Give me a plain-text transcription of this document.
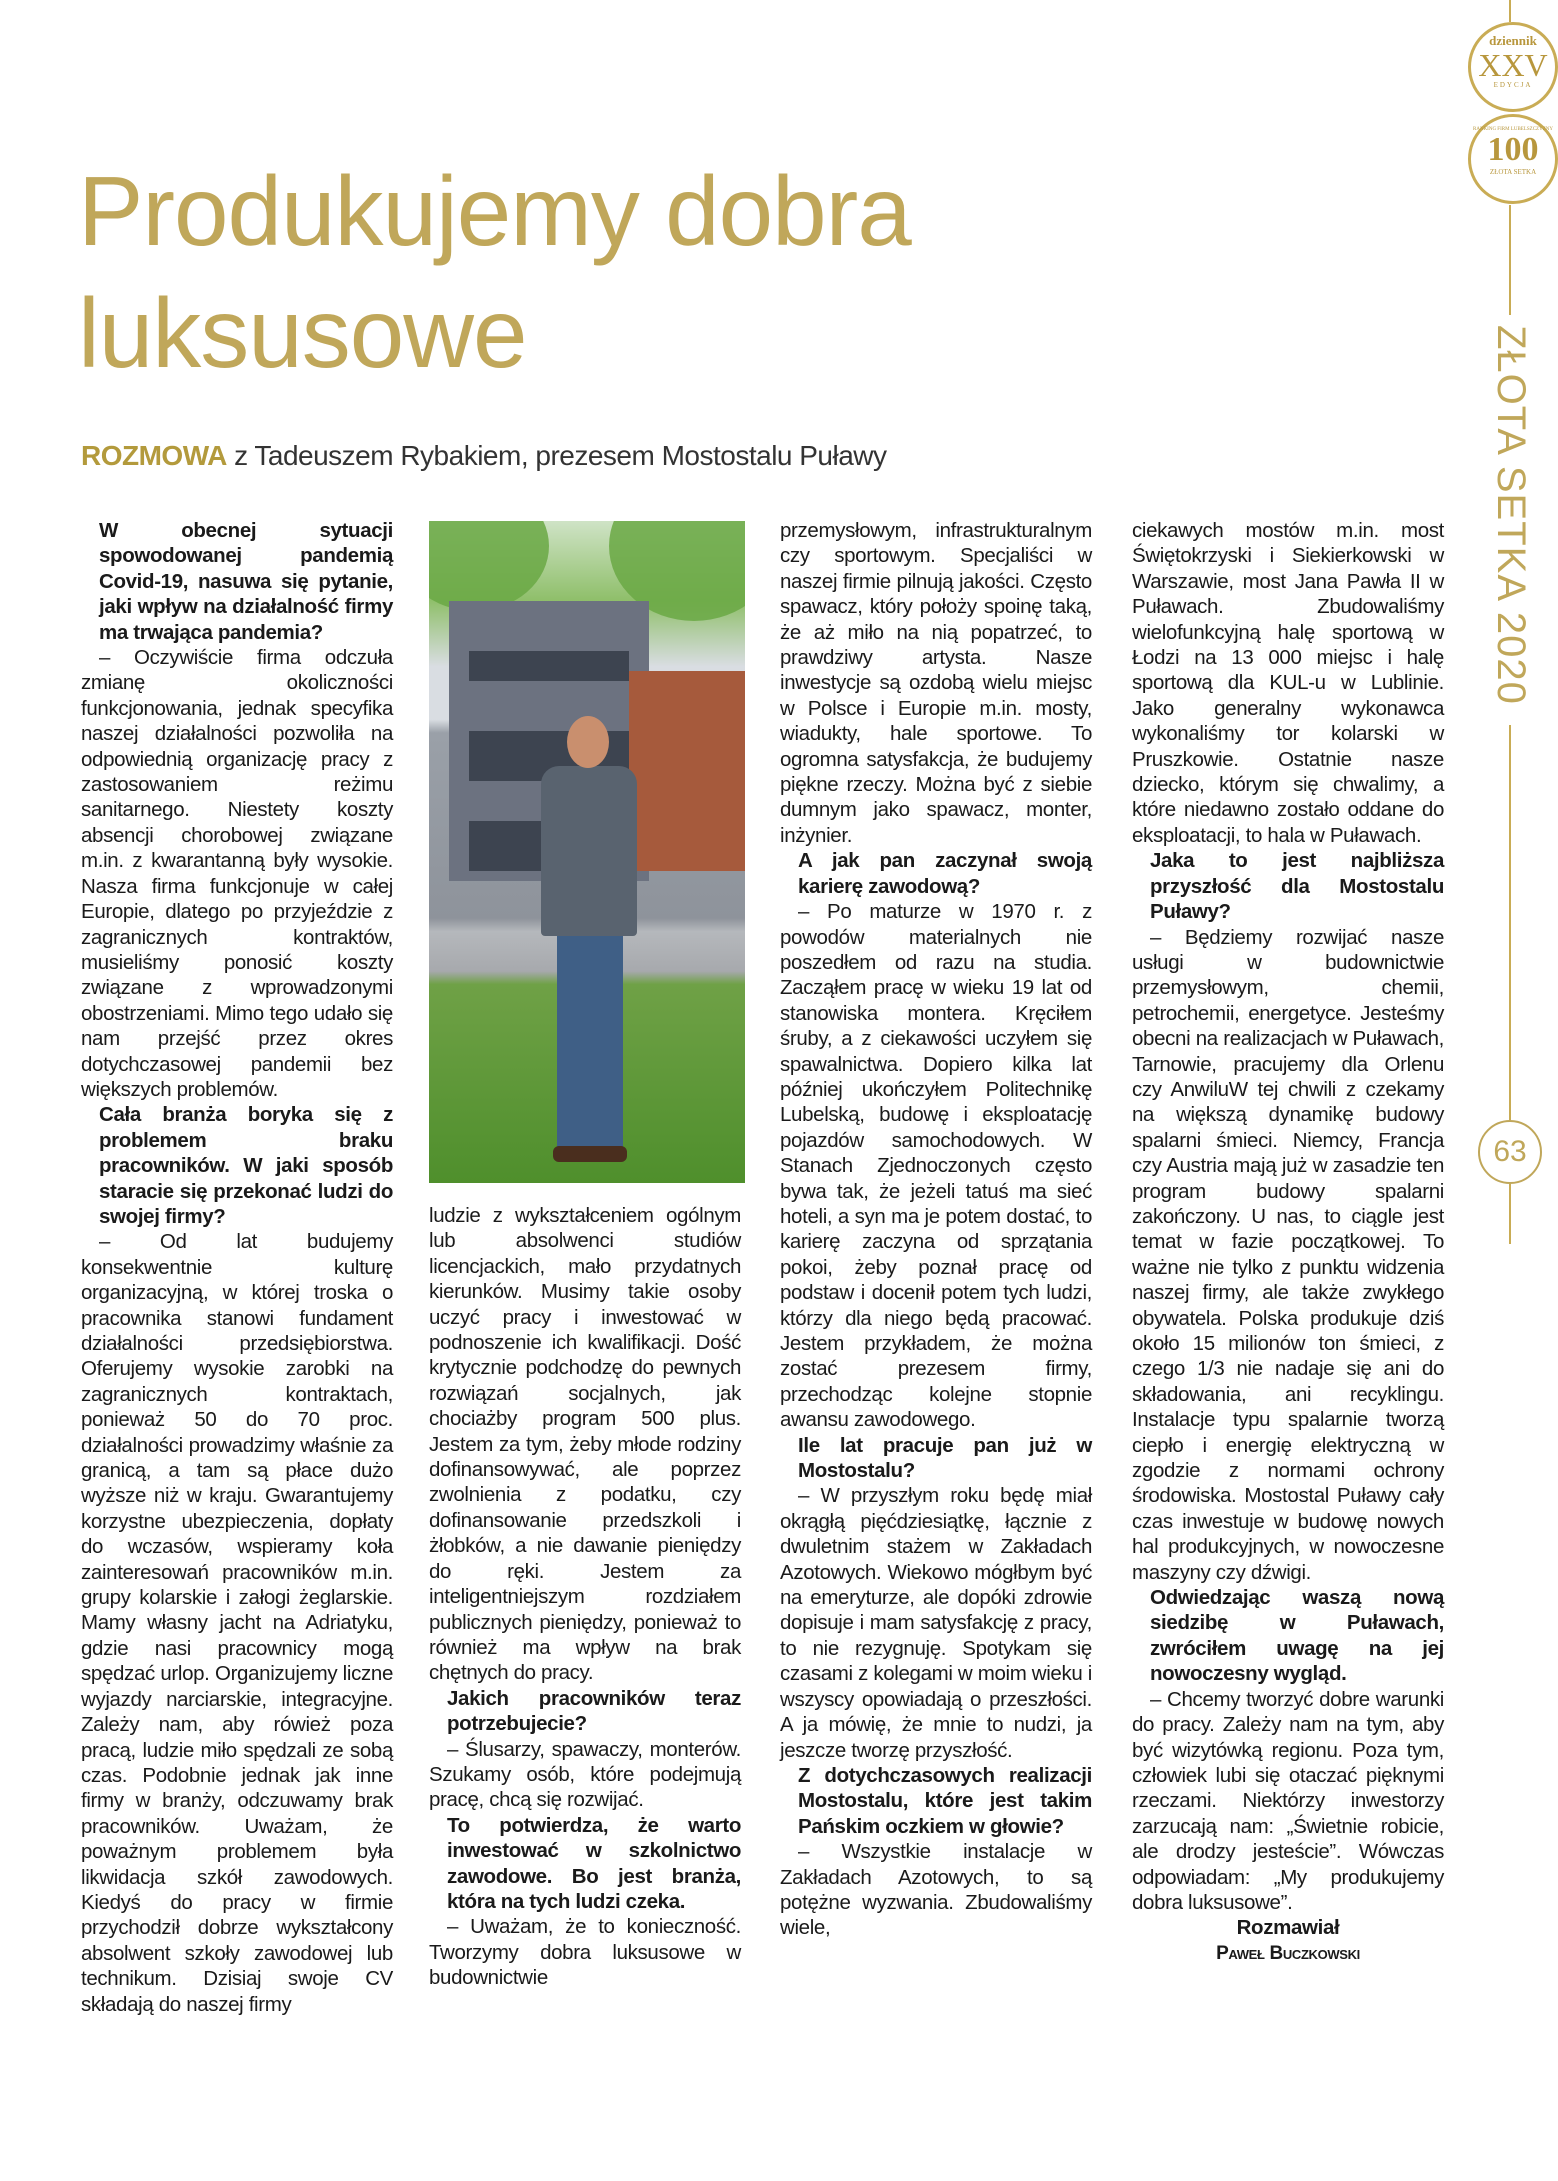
Produkujemy dobra
luksusowe
ROZMOWA z Tadeuszem Rybakiem, prezesem Mostostalu Puławy

W obecnej sytuacji spowodowanej pandemią Covid-19, nasuwa się pytanie, jaki wpływ na działalność firmy ma trwająca pandemia?

– Oczywiście firma odczuła zmianę okoliczności funkcjonowania, jednak specyfika naszej działalności pozwoliła na odpowiednią organizację pracy z zastosowaniem reżimu sanitarnego. Niestety koszty absencji chorobowej związane m.in. z kwarantanną były wysokie. Nasza firma funkcjonuje w całej Europie, dlatego po przyjeździe z zagranicznych kontraktów, musieliśmy ponosić koszty związane z wprowadzonymi obostrzeniami. Mimo tego udało się nam przejść przez okres dotychczasowej pandemii bez większych problemów.

Cała branża boryka się z problemem braku pracowników. W jaki sposób staracie się przekonać ludzi do swojej firmy?

– Od lat budujemy konsekwentnie kulturę organizacyjną, w której troska o pracownika stanowi fundament działalności przedsiębiorstwa. Oferujemy wysokie zarobki na zagranicznych kontraktach, ponieważ 50 do 70 proc. działalności prowadzimy właśnie za granicą, a tam są płace dużo wyższe niż w kraju. Gwarantujemy korzystne ubezpieczenia, dopłaty do wczasów, wspieramy koła zainteresowań pracowników m.in. grupy kolarskie i załogi żeglarskie. Mamy własny jacht na Adriatyku, gdzie nasi pracownicy mogą spędzać urlop. Organizujemy liczne wyjazdy narciarskie, integracyjne. Zależy nam, aby rówież poza pracą, ludzie miło spędzali ze sobą czas. Podobnie jednak jak inne firmy w branży, odczuwamy brak pracowników. Uważam, że poważnym problemem była likwidacja szkół zawodowych. Kiedyś do pracy w firmie przychodził dobrze wykształcony absolwent szkoły zawodowej lub technikum. Dzisiaj swoje CV składają do naszej firmy

ludzie z wykształceniem ogólnym lub absolwenci studiów licencjackich, mało przydatnych kierunków. Musimy takie osoby uczyć pracy i inwestować w podnoszenie ich kwalifikacji. Dość krytycznie podchodzę do pewnych rozwiązań socjalnych, jak chociażby program 500 plus. Jestem za tym, żeby młode rodziny dofinansowywać, ale poprzez zwolnienia z podatku, czy dofinansowanie przedszkoli i żłobków, a nie dawanie pieniędzy do ręki. Jestem za inteligentniejszym rozdziałem publicznych pieniędzy, ponieważ to również ma wpływ na brak chętnych do pracy.

Jakich pracowników teraz potrzebujecie?

– Ślusarzy, spawaczy, monterów. Szukamy osób, które podejmują pracę, chcą się rozwijać.

To potwierdza, że warto inwestować w szkolnictwo zawodowe. Bo jest branża, która na tych ludzi czeka.

– Uważam, że to konieczność. Tworzymy dobra luksusowe w budownictwie

przemysłowym, infrastrukturalnym czy sportowym. Specjaliści w naszej firmie pilnują jakości. Często spawacz, który położy spoinę taką, że aż miło na nią popatrzeć, to prawdziwy artysta. Nasze inwestycje są ozdobą wielu miejsc w Polsce i Europie m.in. mosty, wiadukty, hale sportowe. To ogromna satysfakcja, że budujemy piękne rzeczy. Można być z siebie dumnym jako spawacz, monter, inżynier.

A jak pan zaczynał swoją karierę zawodową?

– Po maturze w 1970 r. z powodów materialnych nie poszedłem od razu na studia. Zacząłem pracę w wieku 19 lat od stanowiska montera. Kręciłem śruby, a z ciekawości uczyłem się spawalnictwa. Dopiero kilka lat później ukończyłem Politechnikę Lubelską, budowę i eksploatację pojazdów samochodowych. W Stanach Zjednoczonych często bywa tak, że jeżeli tatuś ma sieć hoteli, a syn ma je potem dostać, to karierę zaczyna od sprzątania pokoi, żeby poznał pracę od podstaw i docenił potem tych ludzi, którzy dla niego będą pracować. Jestem przykładem, że można zostać prezesem firmy, przechodząc kolejne stopnie awansu zawodowego.

Ile lat pracuje pan już w Mostostalu?

– W przyszłym roku będę miał okrągłą pięćdziesiątkę, łącznie z dwuletnim stażem w Zakładach Azotowych. Wiekowo mógłbym być na emeryturze, ale dopóki zdrowie dopisuje i mam satysfakcję z pracy, to nie rezygnuję. Spotykam się czasami z kolegami w moim wieku i wszyscy opowiadają o przeszłości. A ja mówię, że mnie to nudzi, ja jeszcze tworzę przyszłość.

Z dotychczasowych realizacji Mostostalu, które jest takim Pańskim oczkiem w głowie?

– Wszystkie instalacje w Zakładach Azotowych, to są potężne wyzwania. Zbudowaliśmy wiele,

ciekawych mostów m.in. most Świętokrzyski i Siekierkowski w Warszawie, most Jana Pawła II w Puławach. Zbudowaliśmy wielofunkcyjną halę sportową w Łodzi na 13 000 miejsc i halę sportową dla KUL-u w Lublinie. Jako generalny wykonawca wykonaliśmy tor kolarski w Pruszkowie. Ostatnie nasze dziecko, którym się chwalimy, a które niedawno zostało oddane do eksploatacji, to hala w Puławach.

Jaka to jest najbliższa przyszłość dla Mostostalu Puławy?

– Będziemy rozwijać nasze usługi w budownictwie przemysłowym, chemii, petrochemii, energetyce. Jesteśmy obecni na realizacjach w Puławach, Tarnowie, pracujemy dla Orlenu czy AnwiluW tej chwili z czekamy na większą dynamikę budowy spalarni śmieci. Niemcy, Francja czy Austria mają już w zasadzie ten program budowy spalarni zakończony. U nas, to ciągle jest temat w fazie początkowej. To ważne nie tylko z punktu widzenia naszej firmy, ale także zwykłego obywatela. Polska produkuje dziś około 15 milionów ton śmieci, z czego 1/3 nie nadaje się ani do składowania, ani recyklingu. Instalacje typu spalarnie tworzą ciepło i energię elektryczną w zgodzie z normami ochrony środowiska. Mostostal Puławy cały czas inwestuje w budowę nowych hal produkcyjnych, w nowoczesne maszyny czy dźwigi.

Odwiedzając waszą nową siedzibę w Puławach, zwróciłem uwagę na jej nowoczesny wygląd.

– Chcemy tworzyć dobre warunki do pracy. Zależy nam na tym, aby być wizytówką regionu. Poza tym, człowiek lubi się otaczać pięknymi rzeczami. Niektórzy inwestorzy zarzucają nam: „Świetnie robicie, ale drodzy jesteście”. Wówczas odpowiadam: „My produkujemy dobra luksusowe”.

Rozmawiał

Paweł Buczkowski

dziennik
XXV
EDYCJA
RANKING FIRM LUBELSZCZYZNY
100
ZŁOTA SETKA
ZŁOTA SETKA 2020
63
